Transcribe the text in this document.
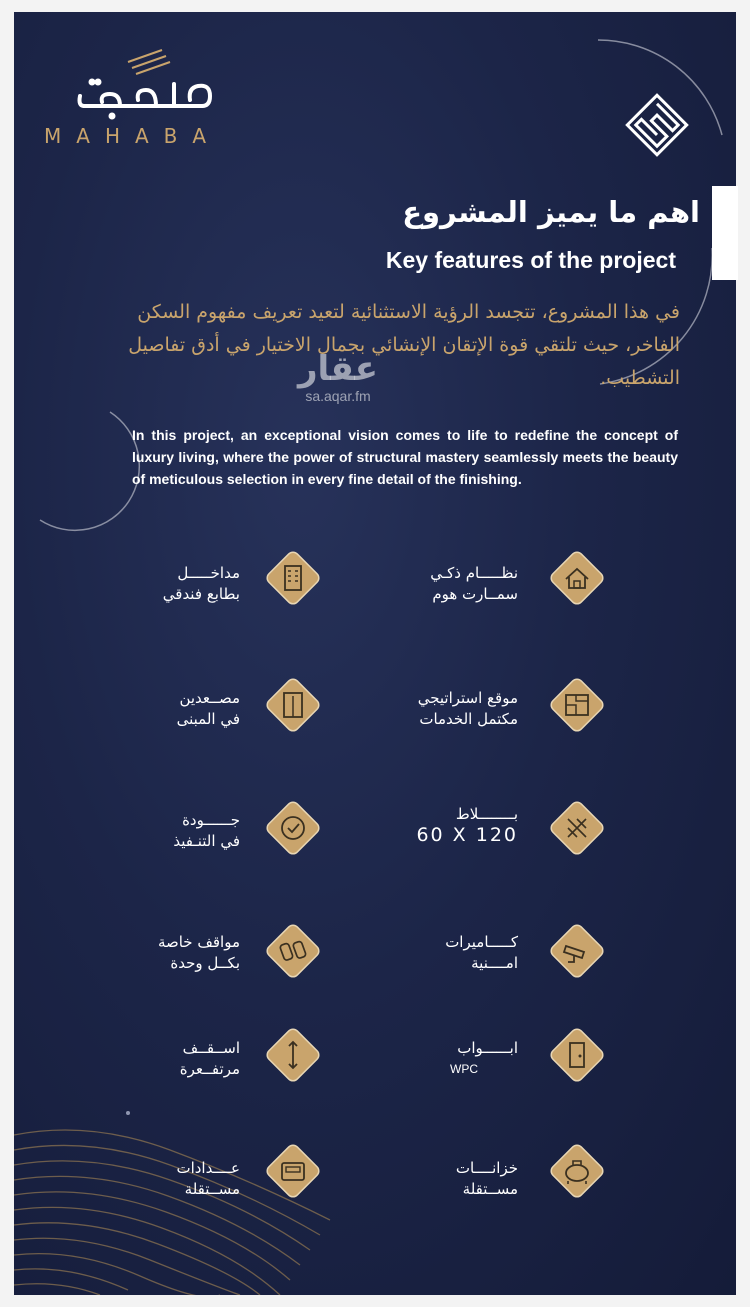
MAHABA
اهم ما يميز المشروع
Key features of the project
في هذا المشروع، تتجسد الرؤية الاستثنائية لتعيد تعريف مفهوم السكن الفاخر، حيث تلتقي قوة الإتقان الإنشائي بجمال الاختيار في أدق تفاصيل التشطيب.
عقار
sa.aqar.fm
In this project, an exceptional vision comes to life to redefine the concept of luxury living, where the power of structural mastery seamlessly meets the beauty of meticulous selection in every fine detail of the finishing.
نظـــــام ذكـي
سمــارت هوم
موقع استراتيجي
مكتمل الخدمات
بــــــــلاط
60 X 120
كـــــاميرات
امــــنية
ابــــــواب
WPC
خزانــــات
مســتقلة
مداخـــــل
بطابع فندقي
مصــعدين
في المبنى
جــــــودة
في التنـفيذ
مواقف خاصة
بكــل وحدة
اســقــف
مرتفــعرة
عــــدادات
مســتقلة
